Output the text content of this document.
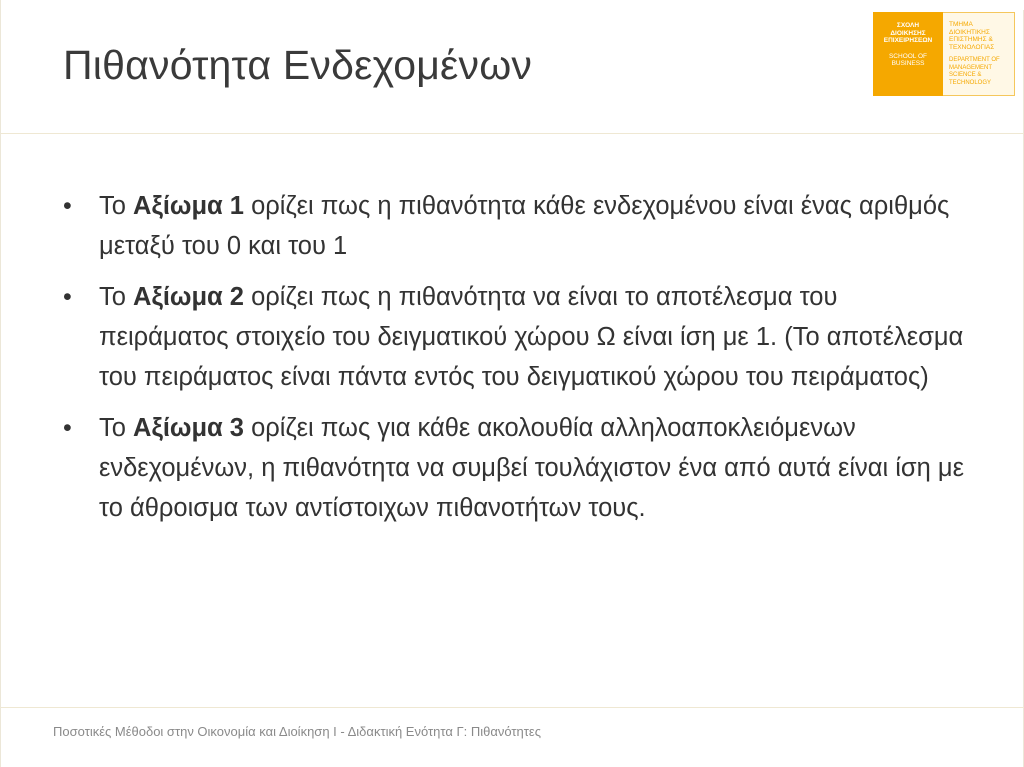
Πιθανότητα Ενδεχομένων
ΣΧΟΛΗ
ΔΙΟΙΚΗΣΗΣ
ΕΠΙΧΕΙΡΗΣΕΩΝ
SCHOOL OF
BUSINESS
ΤΜΗΜΑ
ΔΙΟΙΚΗΤΙΚΗΣ
ΕΠΙΣΤΗΜΗΣ &
ΤΕΧΝΟΛΟΓΙΑΣ
DEPARTMENT OF
MANAGEMENT
SCIENCE &
TECHNOLOGY
• Το Αξίωμα 1 ορίζει πως η πιθανότητα κάθε ενδεχομένου είναι ένας αριθμός μεταξύ του 0 και του 1
• Το Αξίωμα 2 ορίζει πως η πιθανότητα να είναι το αποτέλεσμα του πειράματος στοιχείο του δειγματικού χώρου Ω είναι ίση με 1. (Το αποτέλεσμα του πειράματος είναι πάντα εντός του δειγματικού χώρου του πειράματος)
• Το Αξίωμα 3 ορίζει πως για κάθε ακολουθία αλληλοαποκλειόμενων ενδεχομένων, η πιθανότητα να συμβεί τουλάχιστον ένα από αυτά είναι ίση με το άθροισμα των αντίστοιχων πιθανοτήτων τους.
Ποσοτικές Μέθοδοι στην Οικονομία και Διοίκηση Ι - Διδακτική Ενότητα Γ: Πιθανότητες
